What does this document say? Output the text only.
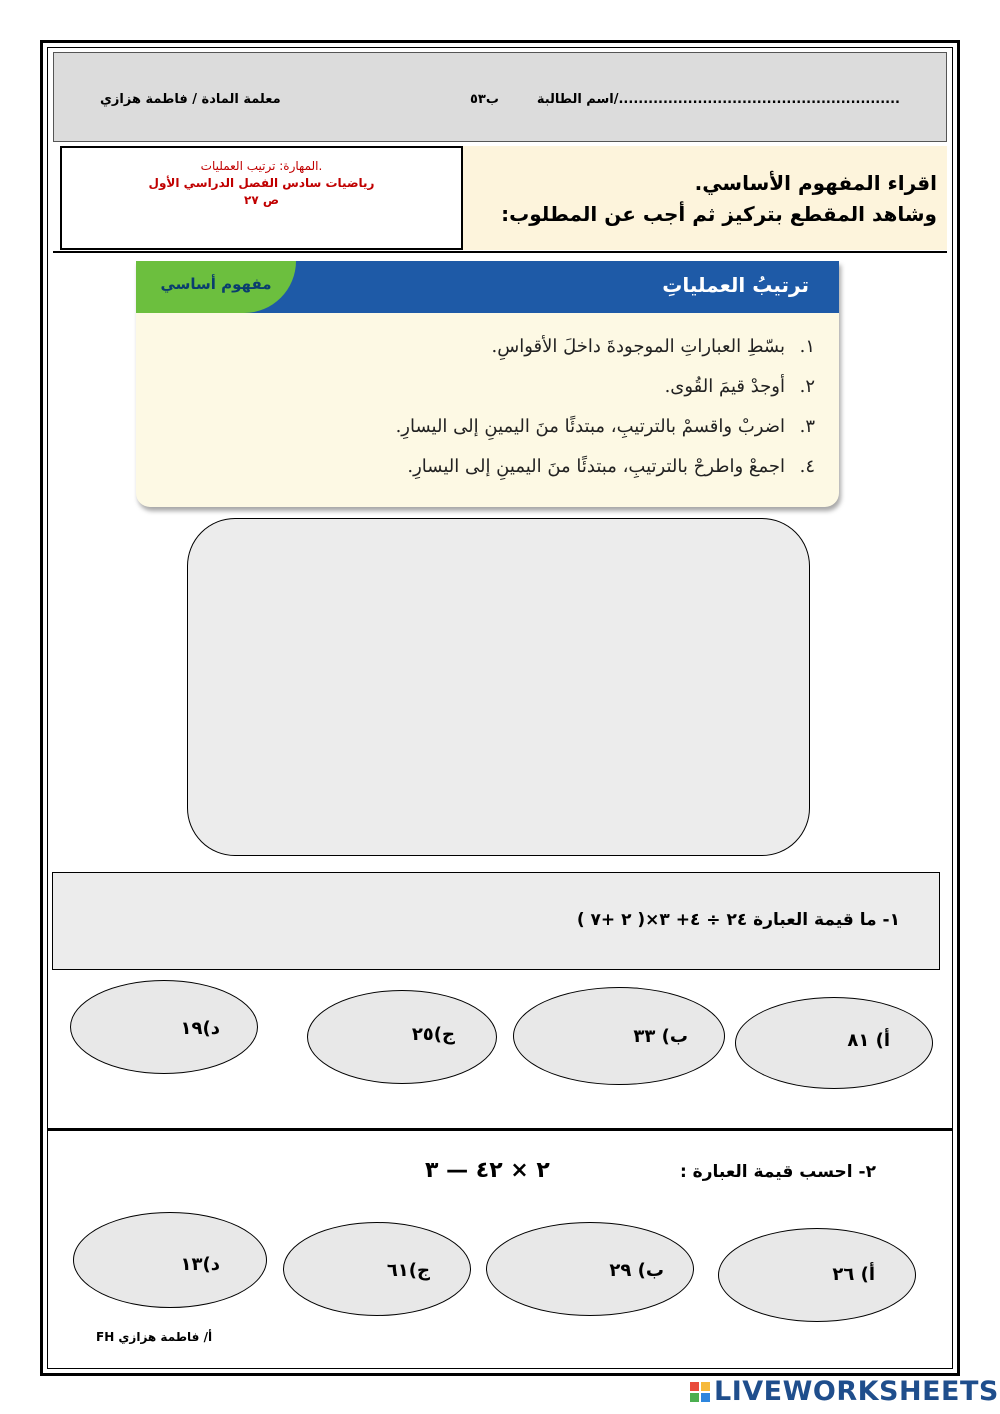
اسم الطالبة/.........................................................
ب٥٣
معلمة المادة / فاطمة هزازي
المهارة: ترتيب العمليات.
رياضيات سادس الفصل الدراسي الأول
ص ٢٧
اقراء المفهوم الأساسي.
وشاهد المقطع بتركيز ثم أجب عن المطلوب:
مفهوم أساسي	ترتيبُ العملياتِ
١.بسّطِ العباراتِ الموجودةَ داخلَ الأقواسِ.
٢.أوجدْ قيمَ القُوى.
٣.اضربْ واقسمْ بالترتيبِ، مبتدئًا منَ اليمينِ إلى اليسارِ.
٤.اجمعْ واطرحْ بالترتيبِ، مبتدئًا منَ اليمينِ إلى اليسارِ.
١- ما قيمة العبارة ٢٤ ÷ ٤+ ٣×( ٢ +٧ )
أ) ٨١
ب) ٣٣
ج)٢٥
د)١٩
٢- احسب قيمة العبارة :
٢ × ٤٢ — ٣
أ) ٢٦
ب) ٢٩
ج)٦١
د)١٣
أ/ فاطمة هزازي FH
LIVEWORKSHEETS
